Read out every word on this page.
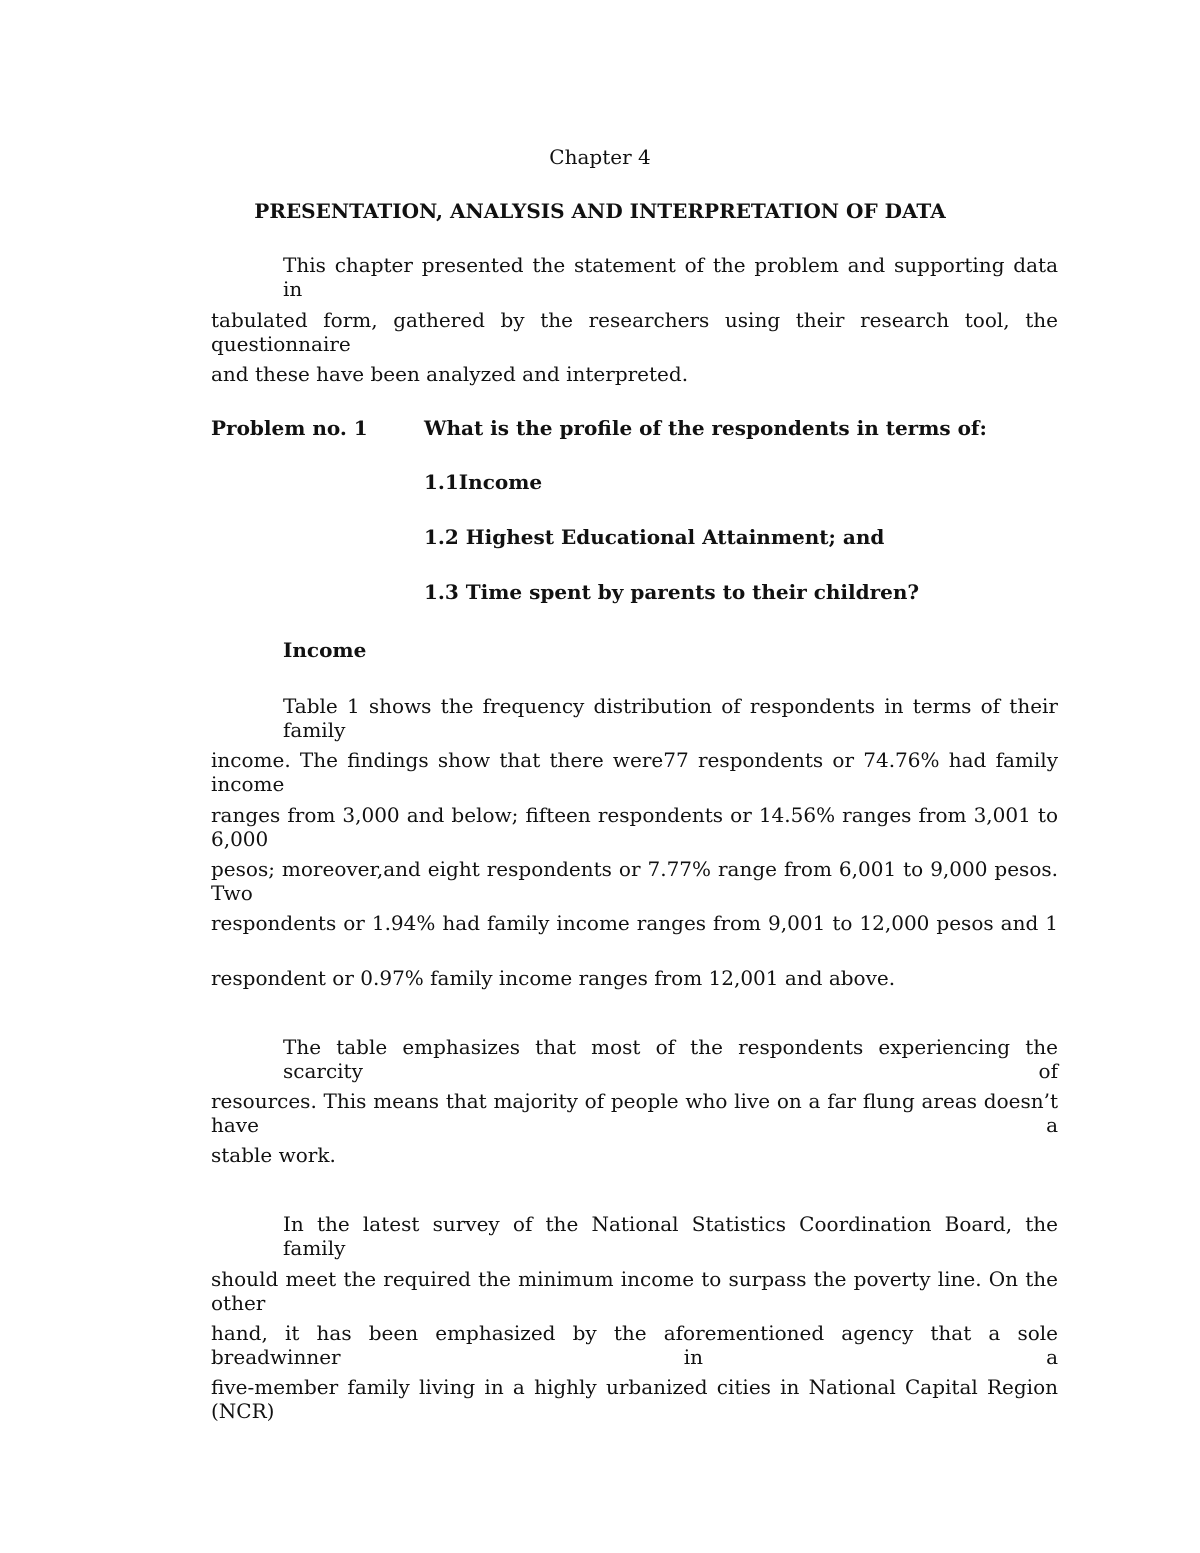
Chapter 4
PRESENTATION, ANALYSIS AND INTERPRETATION OF DATA
This chapter presented the statement of the problem and supporting data in
tabulated form, gathered by the researchers using their research tool, the questionnaire
and these have been analyzed and interpreted.
Problem no. 1	What is the profile of the respondents in terms of:
1.1Income
1.2 Highest Educational Attainment; and
1.3 Time spent by parents to their children?
Income
Table 1 shows the frequency distribution of respondents in terms of their family
income. The findings show that there were77 respondents or 74.76% had family income
ranges from 3,000 and below; fifteen respondents or 14.56% ranges from 3,001 to 6,000
pesos; moreover,and eight respondents or 7.77% range from 6,001 to 9,000 pesos. Two
respondents or 1.94% had family income ranges from 9,001 to 12,000 pesos and 1
respondent or 0.97% family income ranges from 12,001 and above.
The table emphasizes that most of the respondents experiencing the scarcity of
resources. This means that majority of people who live on a far flung areas doesn’t have a
stable work.
In the latest survey of the National Statistics Coordination Board, the family
should meet the required the minimum income to surpass the poverty line. On the other
hand, it has been emphasized by the aforementioned agency that a sole breadwinner in a
five-member family living in a highly urbanized cities in National Capital Region (NCR)
